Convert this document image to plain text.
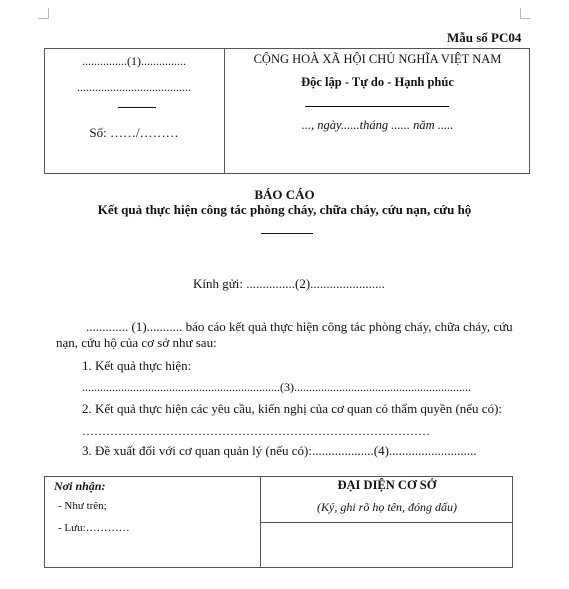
Mẫu số PC04
...............(1)...............
......................................
Số: ……/………
CỘNG HOÀ XÃ HỘI CHỦ NGHĨA VIỆT NAM
Độc lập - Tự do - Hạnh phúc
..., ngày......tháng ...... năm .....
BÁO CÁO
Kết quả thực hiện công tác phòng cháy, chữa cháy, cứu nạn, cứu hộ
Kính gửi: ...............(2).......................
............. (1)........... báo cáo kết quả thực hiện công tác phòng cháy, chữa cháy, cứu
nạn, cứu hộ của cơ sở như sau:
1. Kết quả thực hiện:
..................................................................(3)...........................................................
2. Kết quả thực hiện các yêu cầu, kiến nghị của cơ quan có thẩm quyền (nếu có):
……………………………………………………………………………
3. Đề xuất đối với cơ quan quản lý (nếu có):...................(4)...........................
Nơi nhận:
- Như trên;
- Lưu:…………
ĐẠI DIỆN CƠ SỞ
(Ký, ghi rõ họ tên, đóng dấu)
